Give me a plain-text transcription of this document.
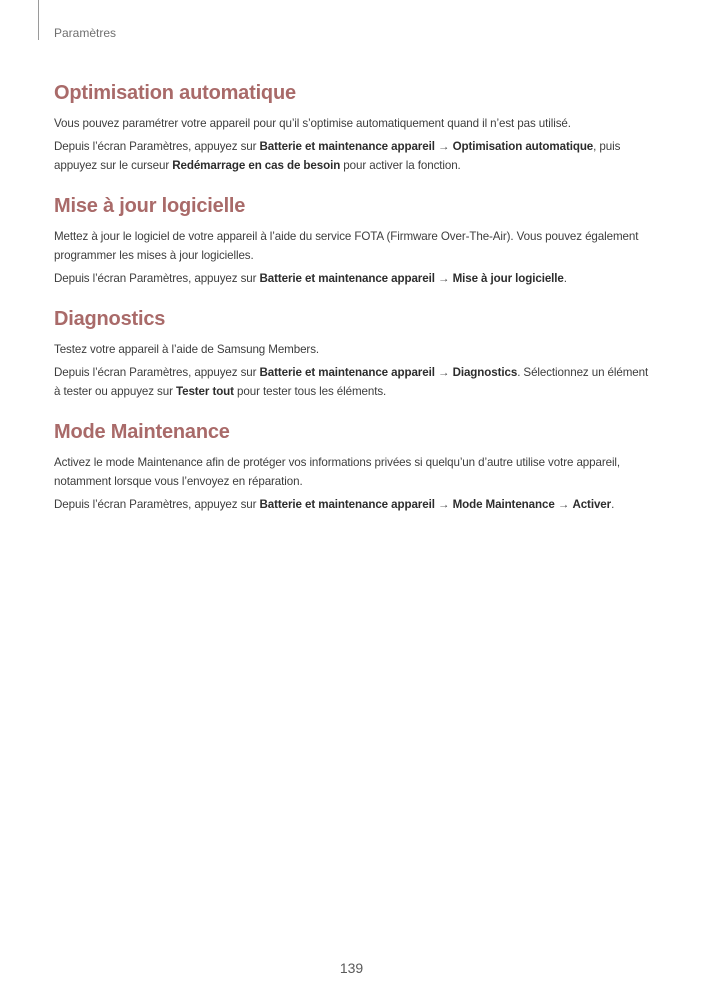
Paramètres

Optimisation automatique

Vous pouvez paramétrer votre appareil pour qu’il s’optimise automatiquement quand il n’est pas utilisé.

Depuis l’écran Paramètres, appuyez sur Batterie et maintenance appareil → Optimisation automatique, puis appuyez sur le curseur Redémarrage en cas de besoin pour activer la fonction.

Mise à jour logicielle

Mettez à jour le logiciel de votre appareil à l’aide du service FOTA (Firmware Over-The-Air). Vous pouvez également programmer les mises à jour logicielles.

Depuis l’écran Paramètres, appuyez sur Batterie et maintenance appareil → Mise à jour logicielle.

Diagnostics

Testez votre appareil à l’aide de Samsung Members.

Depuis l’écran Paramètres, appuyez sur Batterie et maintenance appareil → Diagnostics. Sélectionnez un élément à tester ou appuyez sur Tester tout pour tester tous les éléments.

Mode Maintenance

Activez le mode Maintenance afin de protéger vos informations privées si quelqu’un d’autre utilise votre appareil, notamment lorsque vous l’envoyez en réparation.

Depuis l’écran Paramètres, appuyez sur Batterie et maintenance appareil → Mode Maintenance → Activer.

139
